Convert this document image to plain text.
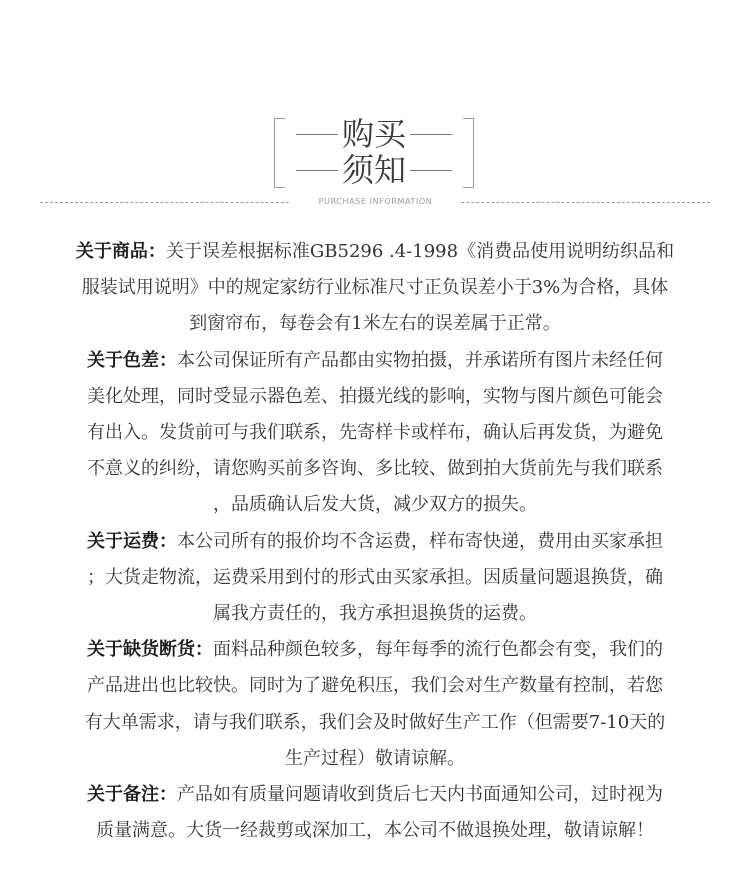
购买
须知
PURCHASE INFORMATION

关于商品：关于误差根据标准GB5296 .4-1998《消费品使用说明纺织品和
服装试用说明》中的规定家纺行业标准尺寸正负误差小于3%为合格，具体
到窗帘布，每卷会有1米左右的误差属于正常。

关于色差：本公司保证所有产品都由实物拍摄，并承诺所有图片未经任何
美化处理，同时受显示器色差、拍摄光线的影响，实物与图片颜色可能会
有出入。发货前可与我们联系，先寄样卡或样布，确认后再发货，为避免
不意义的纠纷，请您购买前多咨询、多比较、做到拍大货前先与我们联系
，品质确认后发大货，减少双方的损失。

关于运费：本公司所有的报价均不含运费，样布寄快递，费用由买家承担
；大货走物流，运费采用到付的形式由买家承担。因质量问题退换货，确
属我方责任的，我方承担退换货的运费。

关于缺货断货：面料品种颜色较多，每年每季的流行色都会有变，我们的
产品进出也比较快。同时为了避免积压，我们会对生产数量有控制，若您
有大单需求，请与我们联系，我们会及时做好生产工作（但需要7-10天的
生产过程）敬请谅解。

关于备注：产品如有质量问题请收到货后七天内书面通知公司，过时视为
质量满意。大货一经裁剪或深加工，本公司不做退换处理，敬请谅解！
